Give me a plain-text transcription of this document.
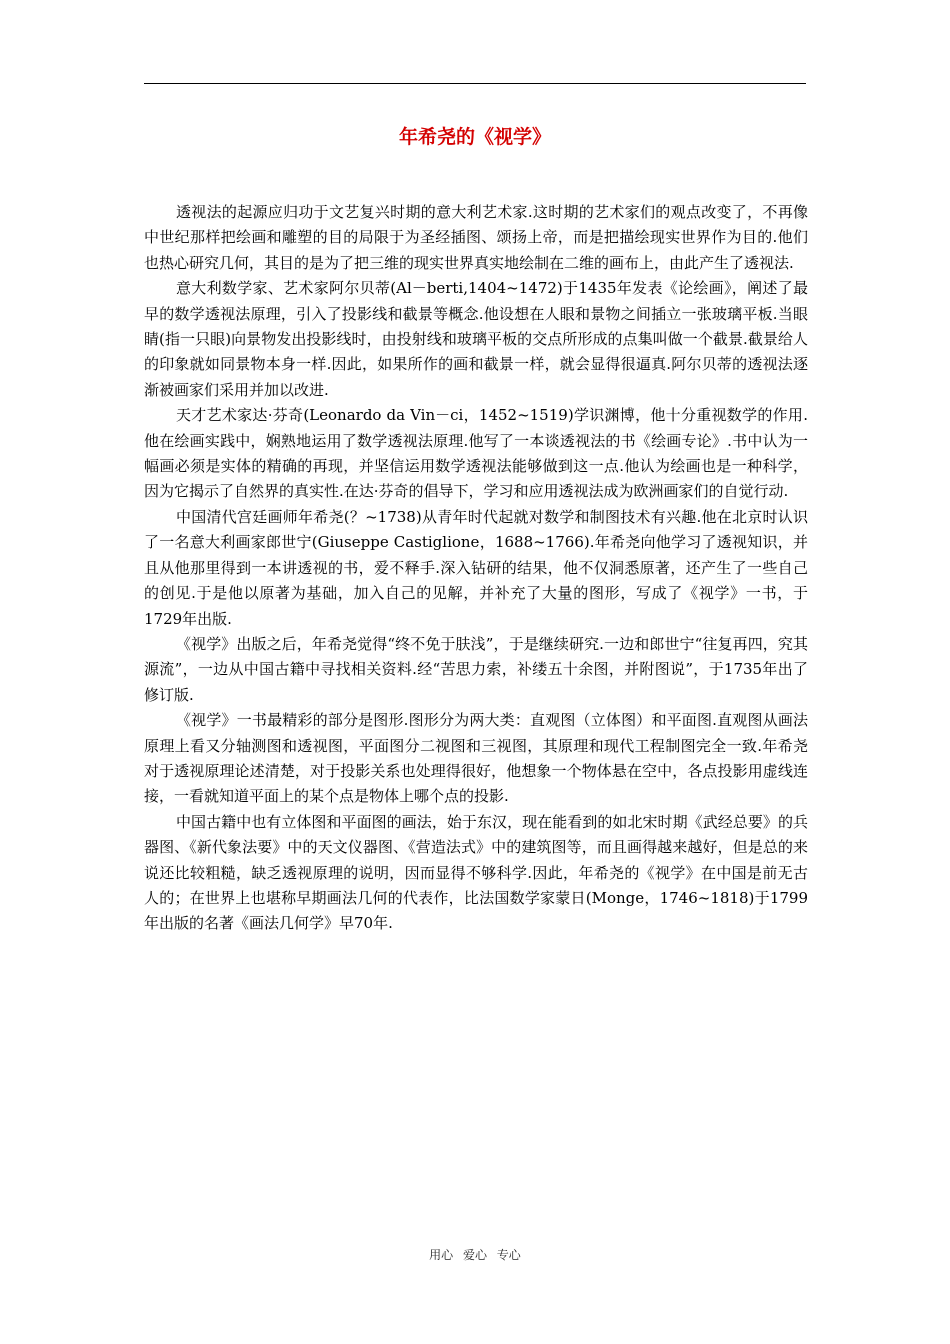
年希尧的《视学》

透视法的起源应归功于文艺复兴时期的意大利艺术家.这时期的艺术家们的观点改变了，不再像中世纪那样把绘画和雕塑的目的局限于为圣经插图、颂扬上帝，而是把描绘现实世界作为目的.他们也热心研究几何，其目的是为了把三维的现实世界真实地绘制在二维的画布上，由此产生了透视法.

意大利数学家、艺术家阿尔贝蒂(Al－berti,1404~1472)于1435年发表《论绘画》，阐述了最早的数学透视法原理，引入了投影线和截景等概念.他设想在人眼和景物之间插立一张玻璃平板.当眼睛(指一只眼)向景物发出投影线时，由投射线和玻璃平板的交点所形成的点集叫做一个截景.截景给人的印象就如同景物本身一样.因此，如果所作的画和截景一样，就会显得很逼真.阿尔贝蒂的透视法逐渐被画家们采用并加以改进.

天才艺术家达·芬奇(Leonardo da Vin－ci，1452~1519)学识渊博，他十分重视数学的作用.他在绘画实践中，娴熟地运用了数学透视法原理.他写了一本谈透视法的书《绘画专论》.书中认为一幅画必须是实体的精确的再现，并坚信运用数学透视法能够做到这一点.他认为绘画也是一种科学，因为它揭示了自然界的真实性.在达·芬奇的倡导下，学习和应用透视法成为欧洲画家们的自觉行动.

中国清代宫廷画师年希尧(？~1738)从青年时代起就对数学和制图技术有兴趣.他在北京时认识了一名意大利画家郎世宁(Giuseppe Castiglione，1688~1766).年希尧向他学习了透视知识，并且从他那里得到一本讲透视的书，爱不释手.深入钻研的结果，他不仅洞悉原著，还产生了一些自己的创见.于是他以原著为基础，加入自己的见解，并补充了大量的图形，写成了《视学》一书，于1729年出版.

《视学》出版之后，年希尧觉得“终不免于肤浅”，于是继续研究.一边和郎世宁“往复再四，究其源流”，一边从中国古籍中寻找相关资料.经“苦思力索，补缕五十余图，并附图说”，于1735年出了修订版.

《视学》一书最精彩的部分是图形.图形分为两大类：直观图（立体图）和平面图.直观图从画法原理上看又分轴测图和透视图，平面图分二视图和三视图，其原理和现代工程制图完全一致.年希尧对于透视原理论述清楚，对于投影关系也处理得很好，他想象一个物体悬在空中，各点投影用虚线连接，一看就知道平面上的某个点是物体上哪个点的投影.

中国古籍中也有立体图和平面图的画法，始于东汉，现在能看到的如北宋时期《武经总要》的兵器图、《新代象法要》中的天文仪器图、《营造法式》中的建筑图等，而且画得越来越好，但是总的来说还比较粗糙，缺乏透视原理的说明，因而显得不够科学.因此，年希尧的《视学》在中国是前无古人的；在世界上也堪称早期画法几何的代表作，比法国数学家蒙日(Monge，1746~1818)于1799年出版的名著《画法几何学》早70年.

用心 爱心 专心
